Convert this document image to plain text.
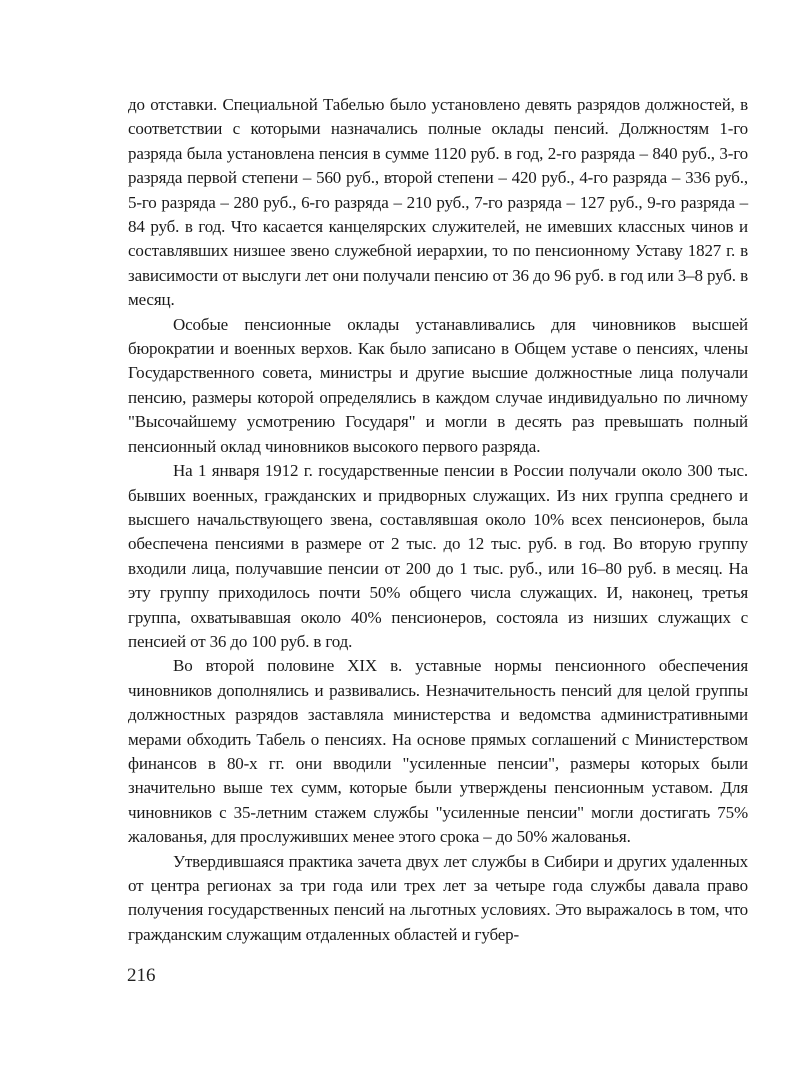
до отставки. Специальной Табелью было установлено девять разрядов должностей, в соответствии с которыми назначались полные оклады пенсий. Должностям 1-го разряда была установлена пенсия в сумме 1120 руб. в год, 2-го разряда – 840 руб., 3-го разряда первой степени – 560 руб., второй степени – 420 руб., 4-го разряда – 336 руб., 5-го разряда – 280 руб., 6-го разряда – 210 руб., 7-го разряда – 127 руб., 9-го разряда – 84 руб. в год. Что касается канцелярских служителей, не имевших классных чинов и составлявших низшее звено служебной иерархии, то по пенсионному Уставу 1827 г. в зависимости от выслуги лет они получали пенсию от 36 до 96 руб. в год или 3–8 руб. в месяц.

Особые пенсионные оклады устанавливались для чиновников высшей бюрократии и военных верхов. Как было записано в Общем уставе о пенсиях, члены Государственного совета, министры и другие высшие должностные лица получали пенсию, размеры которой определялись в каждом случае индивидуально по личному "Высочайшему усмотрению Государя" и могли в десять раз превышать полный пенсионный оклад чиновников высокого первого разряда.

На 1 января 1912 г. государственные пенсии в России получали около 300 тыс. бывших военных, гражданских и придворных служащих. Из них группа среднего и высшего начальствующего звена, составлявшая около 10% всех пенсионеров, была обеспечена пенсиями в размере от 2 тыс. до 12 тыс. руб. в год. Во вторую группу входили лица, получавшие пенсии от 200 до 1 тыс. руб., или 16–80 руб. в месяц. На эту группу приходилось почти 50% общего числа служащих. И, наконец, третья группа, охватывавшая около 40% пенсионеров, состояла из низших служащих с пенсией от 36 до 100 руб. в год.

Во второй половине XIX в. уставные нормы пенсионного обеспечения чиновников дополнялись и развивались. Незначительность пенсий для целой группы должностных разрядов заставляла министерства и ведомства административными мерами обходить Табель о пенсиях. На основе прямых соглашений с Министерством финансов в 80-х гг. они вводили "усиленные пенсии", размеры которых были значительно выше тех сумм, которые были утверждены пенсионным уставом. Для чиновников с 35-летним стажем службы "усиленные пенсии" могли достигать 75% жалованья, для прослуживших менее этого срока – до 50% жалованья.

Утвердившаяся практика зачета двух лет службы в Сибири и других удаленных от центра регионах за три года или трех лет за четыре года службы давала право получения государственных пенсий на льготных условиях. Это выражалось в том, что гражданским служащим отдаленных областей и губер-

216
